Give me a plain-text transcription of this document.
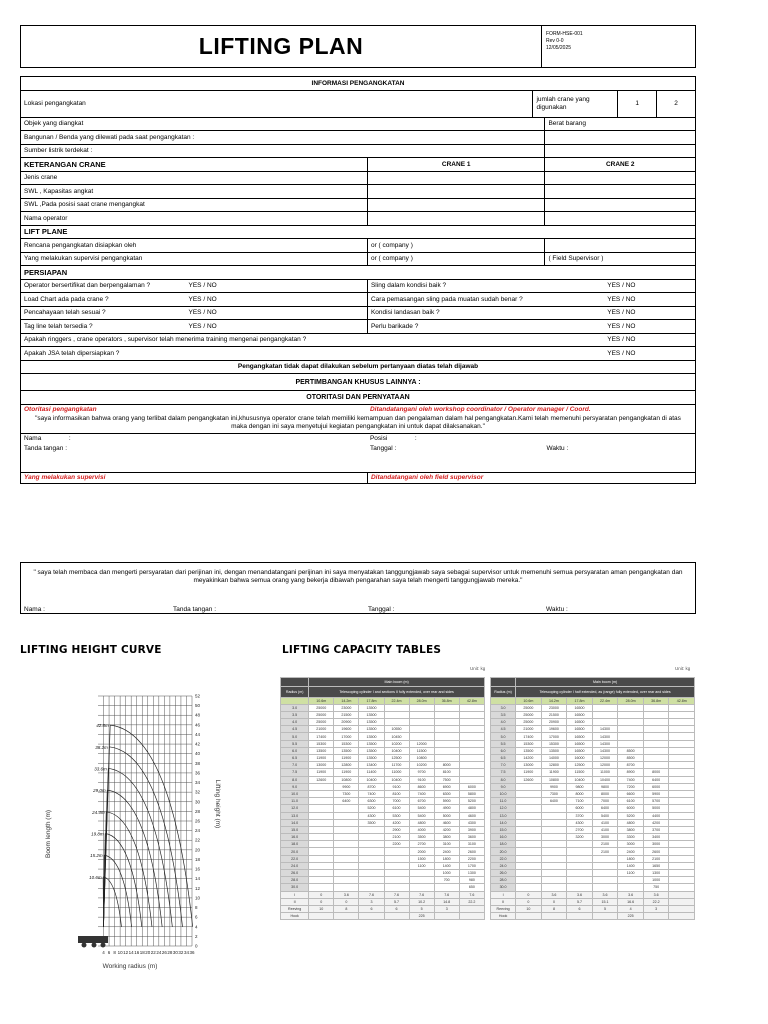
LIFTING PLAN	FORM-HSE-001
Rev 0-0
12/05/2025
INFORMASI PENGANGKATAN
Lokasi pengangkatan
jumlah crane yang digunakan	1	2
Objek yang diangkat	Berat barang
Bangunan / Benda yang dilewati pada saat pengangkatan :
Sumber listrik terdekat :
KETERANGAN CRANE	CRANE 1	CRANE 2
Jenis crane
SWL , Kapasitas angkat
SWL ,Pada posisi saat crane mengangkat
Nama operator
LIFT PLANE
Rencana pengangkatan disiapkan oleh	or ( company )
Yang melakukan supervisi pengangkatan	or ( company )	( Field Supervisor )
PERSIAPAN
Operator bersertifikat dan berpengalaman ?	YES / NO	Sling dalam kondisi baik ?	YES / NO
Load Chart ada pada crane ?	YES / NO	Cara pemasangan sling pada muatan sudah benar ?	YES / NO
Pencahayaan telah sesuai ?	YES / NO	Kondisi landasan baik ?	YES / NO
Tag line telah tersedia ?	YES / NO	Perlu barikade ?	YES / NO
Apakah ringgers , crane operators , supervisor telah menerima training mengenai pengangkatan ?	YES / NO
Apakah JSA telah dipersiapkan ?	YES / NO
Pengangkatan tidak dapat dilakukan sebelum pertanyaan diatas telah dijawab
PERTIMBANGAN KHUSUS LAINNYA :
OTORITASI DAN PERNYATAAN
Otoritasi pengangkatan	Ditandatangani oleh workshop coordinator / Operator manager / Coord.
"saya informasikan bahwa orang yang terlibat dalam pengangkatan ini,khususnya operator crane telah memiliki kemampuan dan pengalaman dalam hal pengangkatan.Kami telah memenuhi persyaratan pengangkatan di atas maka dengan ini saya menyetujui kegiatan pengangkatan ini untuk dapat dilaksanakan."
Nama	:	Posisi	:
Tanda tangan :	Tanggal :	Waktu :
Yang melakukan supervisi	Ditandatangani oleh field supervisor
" saya telah membaca dan mengerti persyaratan dari perijinan ini, dengan menandatangani perijinan ini saya menyatakan tanggungjawab saya sebagai supervisor untuk memenuhi semua persyaratan aman pengangkatan dan meyakinkan bahwa semua orang yang bekerja dibawah pengarahan saya telah mengerti tanggungjawab mereka."
Nama :	Tanda tangan :	Tanggal :	Waktu :
LIFTING HEIGHT CURVE
Boom length (m)
Lifting height (m)
Working radius (m)
4 6 8 10 12 14 16 18 20 22 24 26 28 30 32 34 36
52
50
48
46
44
42
40
38
36
34
32
30
28
26
24
22
20
18
16
14
12
10
8
6
4
2
0
42.8m
38.2m
33.6m
29.0m
24.4m
19.8m
15.2m
10.6m
LIFTING CAPACITY TABLES
Unit: kg	Unit: kg
	Main boom (m)						
Radius (m)	Telescoping cylinder I and sections II fully extended, over rear and sides						
	10.6m	14.2m	17.8m	22.4m	28.0m	36.8m	42.8m
3.0	25000	23000	13500				
3.5	25000	21500	13500				
4.0	25000	20900	13500				
4.5	21000	19600	13500	10550			
5.0	17400	17000	13500	10450			
5.5	15300	15300	13500	10200	12000		
6.0	13500	13500	13500	10400	11500		
6.5	11900	11900	13500	12500	10800		
7.0	13000	12800	13400	11700	10200	8000	
7.5	11900	11900	11400	11000	9700	8100	
8.0	12600	10800	10400	10400	9100	7500	
9.0		9900	8700	9100	8600	6900	6000
10.0		7300	7400	8100	7400	6300	5800
11.0		6400	6300	7000	6700	5900	5200
12.0			5200	6100	5400	4900	4800
13.0			4300	5300	5400	5000	4600
14.0			3500	4200	4800	4600	4300
15.0				2900	4000	4200	3900
16.0				2100	3500	3800	3600
18.0				2200	2700	3100	3100
20.0					2000	2400	2600
22.0					1500	1800	2200
24.0					1100	1400	1700
26.0						1000	1300
28.0						700	980
30.0							650
I	0	3.6	7.6	7.6	7.6	7.6	7.6
II	0	0	3	5.7	10.2	14.8	22.2
Reeving	10	8	6	6	5	3	
Hook					225		
	Main boom (m)						
Radius (m)	Telescoping cylinder I half extended, as (range) fully extended, over rear and sides						
	10.6m	14.2m	17.8m	22.4m	28.0m	36.8m	42.8m
3.0	25000	23000	16500				
3.5	25000	21500	16500				
4.0	25000	20900	16500				
4.5	21000	19600	16500	14300			
5.0	17400	17000	16500	14300			
5.5	15300	15300	16500	14300			
6.0	13500	13500	16500	14300	8500		
6.5	14200	14000	16000	12000	8500		
7.0	13000	12800	12500	12000	8700		
7.5	11900	11900	11500	11000	8900	8000	
8.0	12600	10800	10400	10400	7400	6400	
9.0		9900	9800	9800	7200	6000	
10.0		7300	8000	8000	6600	5900	
11.0		6400	7100	7000	6100	5700	
12.0			6000	6400	6000	5000	
13.0			3700	5400	5200	4400	
14.0			4300	4100	4800	4200	
15.0			2700	4100	3800	3700	
16.0			3200	3000	3300	3400	
18.0				2100	3000	3000	
20.0				2100	2400	2600	
22.0					1800	2100	
24.0					1400	1650	
26.0					1100	1300	
28.0						1000	
30.0						750	
I	0	3.6	3.6	3.6	3.6	3.6	
II	0	0	5.7	15.1	16.6	22.2	
Reeving	10	8	6	5	4	3	
Hook					225		
